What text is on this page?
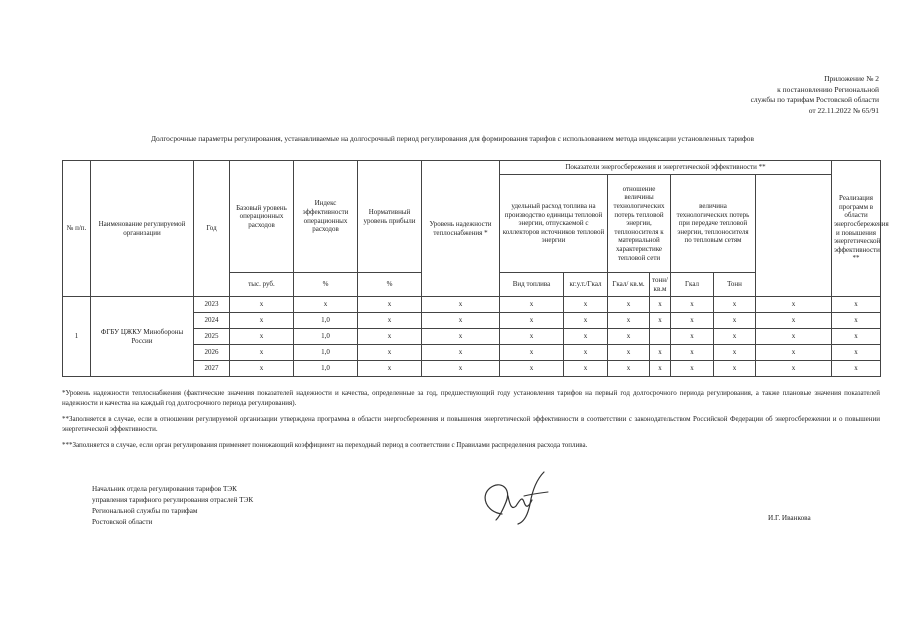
Приложение № 2
к постановлению Региональной
службы по тарифам Ростовской области
от 22.11.2022 № 65/91
Долгосрочные параметры регулирования, устанавливаемые на долгосрочный период регулирования для формирования тарифов с использованием метода индексации установленных тарифов
№ п/п.	Наименование регулируемой организации	Год	Базовый уровень операционных расходов	Индекс эффективности операционных расходов	Нормативный уровень прибыли	Уровень надежности теплоснабжения *	Показатели энергосбережения и энергетической эффективности **							Реализация программ в области энергосбережения и повышения энергетической эффективности **	
							удельный расход топлива на производство единицы тепловой энергии, отпускаемой с коллекторов источников тепловой энергии		отношение величины технологических потерь тепловой энергии, теплоносителя к материальной характеристике тепловой сети		величина технологических потерь при передаче тепловой энергии, теплоносителя по тепловым сетям				
			тыс. руб.	%	%		Вид топлива	кг.у.т./Гкал	Гкал/ кв.м.	тонн/кв.м	Гкал	Тонн			
1	ФГБУ ЦЖКУ Минобороны России	2023	x	x	x	x	x	x	x	x	x	x	x	x	
		2024	x	1,0	x	x	x	x	x	x	x	x	x	x	
		2025	x	1,0	x	x	x	x	x		x	x	x	x	
		2026	x	1,0	x	x	x	x	x	x	x	x	x	x	
		2027	x	1,0	x	x	x	x	x	x	x	x	x	x	

*Уровень надежности теплоснабжения (фактические значения показателей надежности и качества, определенные за год, предшествующий году установления тарифов на первый год долгосрочного периода регулирования, а также плановые значения показателей надежности и качества на каждый год долгосрочного периода регулирования).

**Заполняется в случае, если в отношении регулируемой организации утверждена программа в области энергосбережения и повышения энергетической эффективности в соответствии с законодательством Российской Федерации об энергосбережении и о повышении энергетической эффективности.

***Заполняется в случае, если орган регулирования применяет понижающий коэффициент на переходный период в соответствии с Правилами распределения расхода топлива.

Начальник отдела регулирования тарифов ТЭК
управления тарифного регулирования отраслей ТЭК
Региональной службы по тарифам
Ростовской области	И.Г. Иванкова
